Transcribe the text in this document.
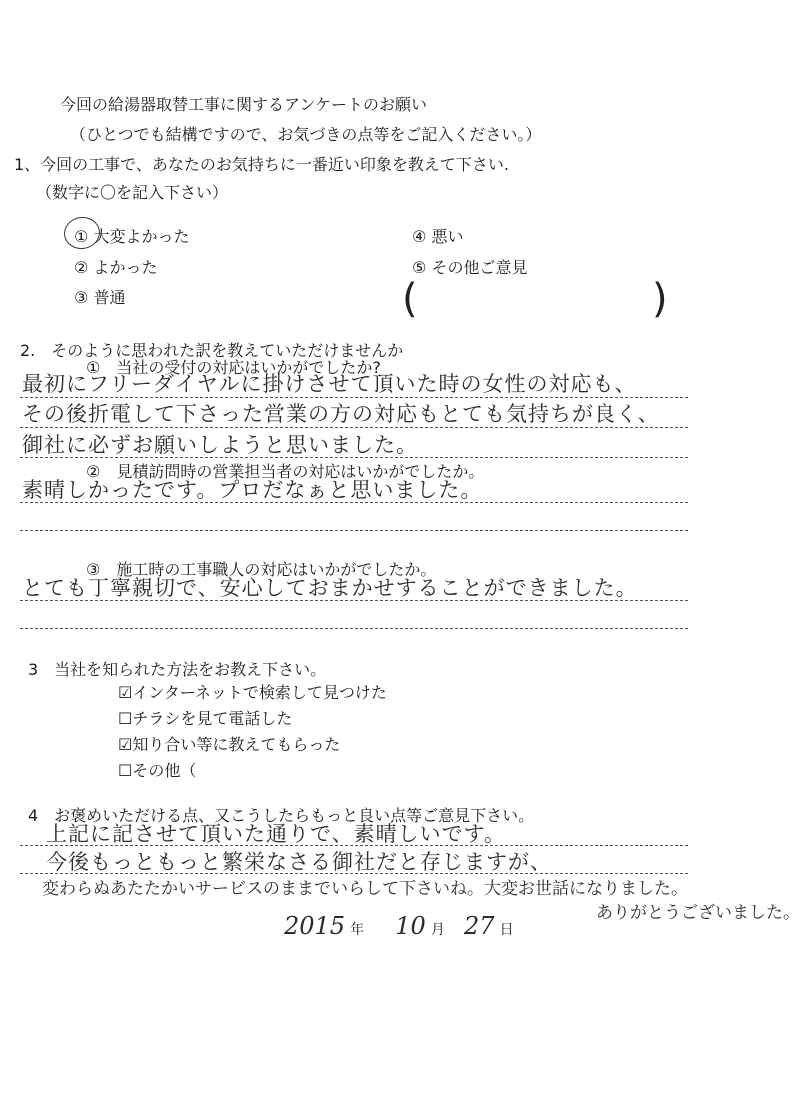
今回の給湯器取替工事に関するアンケートのお願い
（ひとつでも結構ですので、お気づきの点等をご記入ください。）
1、今回の工事で、あなたのお気持ちに一番近い印象を教えて下さい.
（数字に〇を記入下さい）
① 大変よかった
② よかった
③ 普通
④ 悪い
⑤ その他ご意見
(	)
2.　そのように思われた訳を教えていただけませんか
①　当社の受付の対応はいかがでしたか?
最初にフリーダイヤルに掛けさせて頂いた時の女性の対応も、
その後折電して下さった営業の方の対応もとても気持ちが良く、
御社に必ずお願いしようと思いました。
②　見積訪問時の営業担当者の対応はいかがでしたか。
素晴しかったです。プロだなぁと思いました。
③　施工時の工事職人の対応はいかがでしたか。
とても丁寧親切で、安心しておまかせすることができました。
3　当社を知られた方法をお教え下さい。
☑インターネットで検索して見つけた
☐チラシを見て電話した
☑知り合い等に教えてもらった
☐その他（
4　お褒めいただける点、又こうしたらもっと良い点等ご意見下さい。
上記に記させて頂いた通りで、素晴しいです。
今後もっともっと繁栄なさる御社だと存じますが、
変わらぬあたたかいサービスのままでいらして下さいね。大変お世話になりました。
ありがとうございました。
2015 年 10 月 27 日
